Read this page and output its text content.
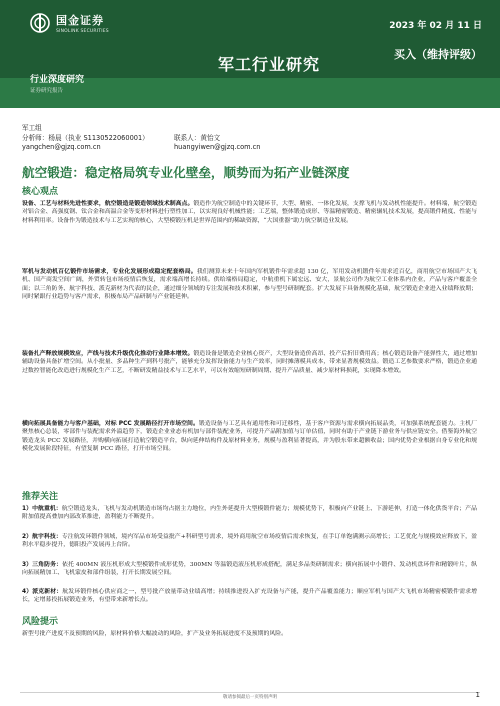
国金证券
SINOLINK SECURITIES
2023 年 02 月 11 日
军工行业研究
买入（维持评级）
行业深度研究
证券研究报告
军工组
分析师：杨晨（执业 S1130522060001）	联系人：黄怡文
yangchen@gjzq.com.cn	huangyiwen@gjzq.com.cn
航空锻造：稳定格局筑专业化壁垒，顺势而为拓产业链深度
核心观点
设备、工艺与材料先进性要求，航空锻造是锻造领域技术制高点。锻造作为航空制造中的关键环节，大型、精密、一体化发展，支撑飞机与发动机性能提升。材料端，航空锻造对铝合金、高强度钢、钛合金和高温合金等变形材料进行塑性加工，以实现良好机械性能；工艺端，整体锻造成形、等温精密锻造、精密辗轧技术发展，提高锻件精度、性能与材料利用率。设备作为锻造技术与工艺实现的核心，大型模锻压机是世界范围内的稀缺资源，“大国重器”助力航空制造业发展。
军机与发动机百亿锻件市场需求，专业化发展形成稳定配套格局。我们测算未来十年国内军机锻件年需求超 130 亿，军用发动机锻件年需求近百亿，商用航空市场国产大飞机、国产商发空间广阔，外贸转包市场疫情后恢复，需求端高增长持续。供给端格局稳定，中航重机下属宏远、安大，景航公司作为航空工业体系内企业，产品与客户覆盖全面；以三角防务、航宇科技、派克新材为代表的民企，通过细分领域的专注发展和技术积累，参与型号研制配套。扩大发展下具备规模化基础，航空锻造企业进入业绩释放期；同时紧跟行业趋势与客户需求，积极布局产品研制与产业链延伸。
装备扎产释放规模效应，产线与技术升级优化推动行业降本增效。锻造设备是锻造企业核心资产，大型设备造价高昂、投产后折旧费用高；核心锻造设备产能弹性大，通过增加辅助设备具备扩增空间。从小批量、多品种生产到科号批产，能够充分发挥设备能力与生产效率，同时摊薄模具成本，带来显著规模效益。锻造工艺参数要求严格，锻造企业通过数控智能化改造进行规模化生产工艺，不断研发精益技术与工艺水平，可以有效缩短研制周期、提升产品质量、减少原材料损耗，实现降本增效。
横向拓展具备能力与客户基础，对标 PCC 发展路径打开市场空间。锻造设备与工艺具有通用性和可迁移性，基于客户资源与需求横向拓展品类，可加强系统配套能力。主机厂聚焦核心总装，零部件与装配需求外溢趋势下，锻造企业业态有机加与部件装配业务，可提升产品附加值与订单估值，同时有助于产业链下游业务与供应链安全。借鉴海外航空锻造龙头 PCC 发展路径，并购横向拓展打造航空锻造平台，纵向延伸结构件及原材料业务，规模与盈利显著提高，并为股东带来超额收益；国内优势企业根据自身专业化和规模化发展阶段特征，有望复制 PCC 路径，打开市场空间。
推荐关注
1）中航重机：航空锻造龙头，飞机与发动机锻造市场均占据主力地位，内生外延提升大型模锻件能力；规模优势下，积极向产业链上、下游延伸，打造一体化供货平台；产品附加值提高叠加内部改革推进，盈利能力不断提升。
2）航宇科技：专注航发环锻件领域，境内军品市场受益批产+科研型号需求，境外商用航空市场疫情后需求恢复，在手订单饱满测示高增长；工艺优化与规模效应释放下，盈利水平稳步提升，德阳投产发展再上台阶。
3）三角防务：依托 400MN 液压机形成大型模锻件成形优势，300MN 等温锻造液压机形成搭配，满足多品类研制需求；横向拓展中小锻件、发动机盘环件和精锻叶片，纵向拓展精加工、飞机蒙皮和部件组装，打开长期发展空间。
4）派克新材：航发环锻件核心供应商之一，型号批产放量带动业绩高增；持续推进投入扩充设备与产能，提升产品覆盖能力；顺应军机与国产大飞机市场精密模锻件需求增长，定增募投拓展锻造业务，有望带来新增长点。
风险提示
新型号批产进度不及预期的风险，原材料价格大幅波动的风险，扩产及业务拓展进度不及预期的风险。
敬请参阅最后一页特别声明	1
